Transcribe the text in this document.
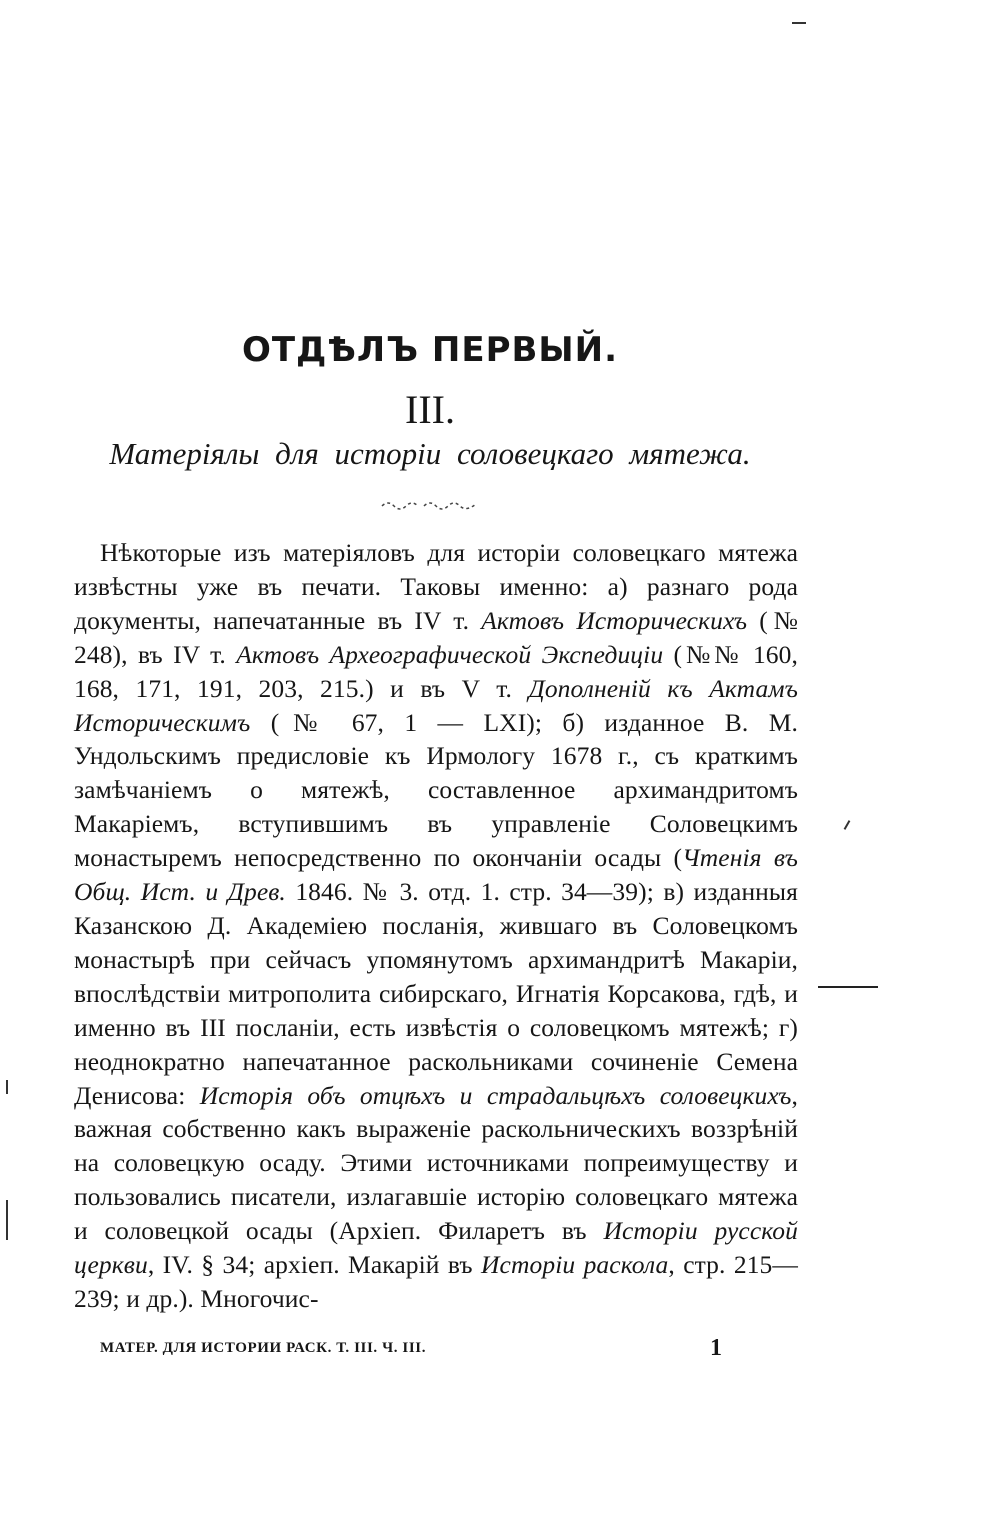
ОТДѢЛЪ ПЕРВЫЙ.
III.
Матеріялы для исторіи соловецкаго мятежа.
Нѣкоторые изъ матеріяловъ для исторіи соловецкаго мятежа извѣстны уже въ печати. Таковы именно: а) разнаго рода документы, напечатанные въ IV т. Актовъ Историческихъ (№ 248), въ IV т. Актовъ Археографической Экспедиціи (№№ 160, 168, 171, 191, 203, 215.) и въ V т. Дополненій къ Актамъ Историческимъ (№ 67, 1 — LXI); б) изданное В. М. Ундольскимъ предисловіе къ Ирмологу 1678 г., съ краткимъ замѣчаніемъ о мятежѣ, составленное архимандритомъ Макаріемъ, вступившимъ въ управленіе Соловецкимъ монастыремъ непосредственно по окончаніи осады (Чтенія въ Общ. Ист. и Древ. 1846. № 3. отд. 1. стр. 34—39); в) изданныя Казанскою Д. Академіею посланія, жившаго въ Соловецкомъ монастырѣ при сейчасъ упомянутомъ архимандритѣ Макаріи, впослѣдствіи митрополита сибирскаго, Игнатія Корсакова, гдѣ, и именно въ III посланіи, есть извѣстія о соловецкомъ мятежѣ; г) неоднократно напечатанное раскольниками сочиненіе Семена Денисова: Исторія объ отцѣхъ и страдальцѣхъ соловецкихъ, важная собственно какъ выраженіе раскольническихъ воззрѣній на соловецкую осаду. Этими источниками попреимуществу и пользовались писатели, излагавшіе исторію соловецкаго мятежа и соловецкой осады (Архіеп. Филаретъ въ Исторіи русской церкви, IV. § 34; архіеп. Макарій въ Исторіи раскола, стр. 215—239; и др.). Многочис-
МАТЕР. ДЛЯ ИСТОРИИ РАСК. Т. III. Ч. III.	1
